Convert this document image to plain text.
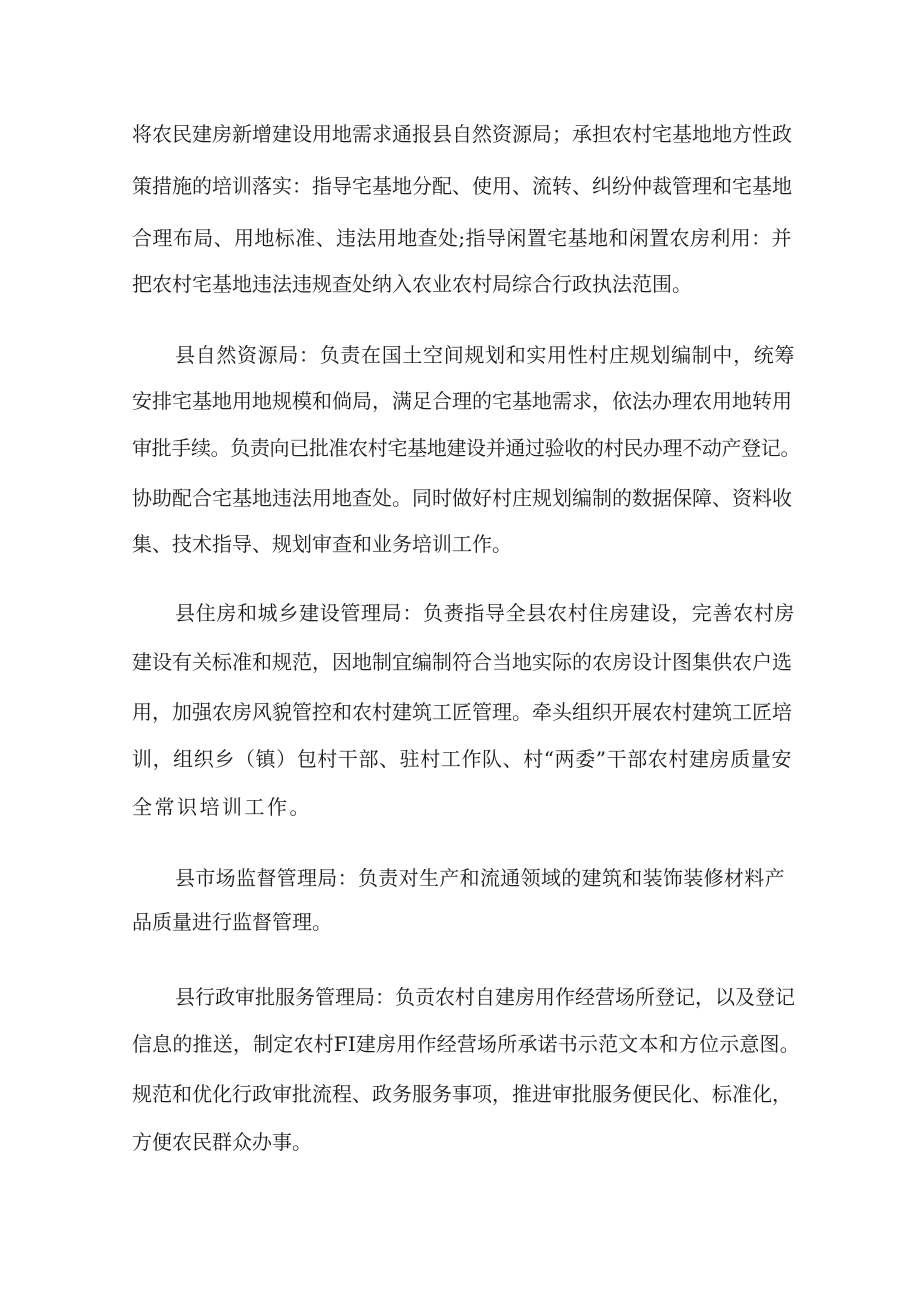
将农民建房新增建设用地需求通报县自然资源局；承担农村宅基地地方性政
策措施的培训落实：指导宅基地分配、使用、流转、纠纷仲裁管理和宅基地
合理布局、用地标准、违法用地查处;指导闲置宅基地和闲置农房利用：并
把农村宅基地违法违规查处纳入农业农村局综合行政执法范围。
县自然资源局：负责在国土空间规划和实用性村庄规划编制中，统筹
安排宅基地用地规模和倘局，满足合理的宅基地需求，依法办理农用地转用
审批手续。负责向已批准农村宅基地建设并通过验收的村民办理不动产登记。
协助配合宅基地违法用地查处。同时做好村庄规划编制的数据保障、资料收
集、技术指导、规划审查和业务培训工作。
县住房和城乡建设管理局：负赉指导全县农村住房建设，完善农村房
建设有关标准和规范，因地制宜编制符合当地实际的农房设计图集供农户选
用，加强农房风貌管控和农村建筑工匠管理。牵头组织开展农村建筑工匠培
训，组织乡（镇）包村干部、驻村工作队、村“两委”干部农村建房质量安
全常识培训工作。
县市场监督管理局：负责对生产和流通领域的建筑和装饰装修材料产
品质量进行监督管理。
县行政审批服务管理局：负贡农村自建房用作经营场所登记，以及登记
信息的推送，制定农村FI建房用作经营场所承诺书示范文本和方位示意图。
规范和优化行政审批流程、政务服务事项，推进审批服务便民化、标准化，
方便农民群众办事。
